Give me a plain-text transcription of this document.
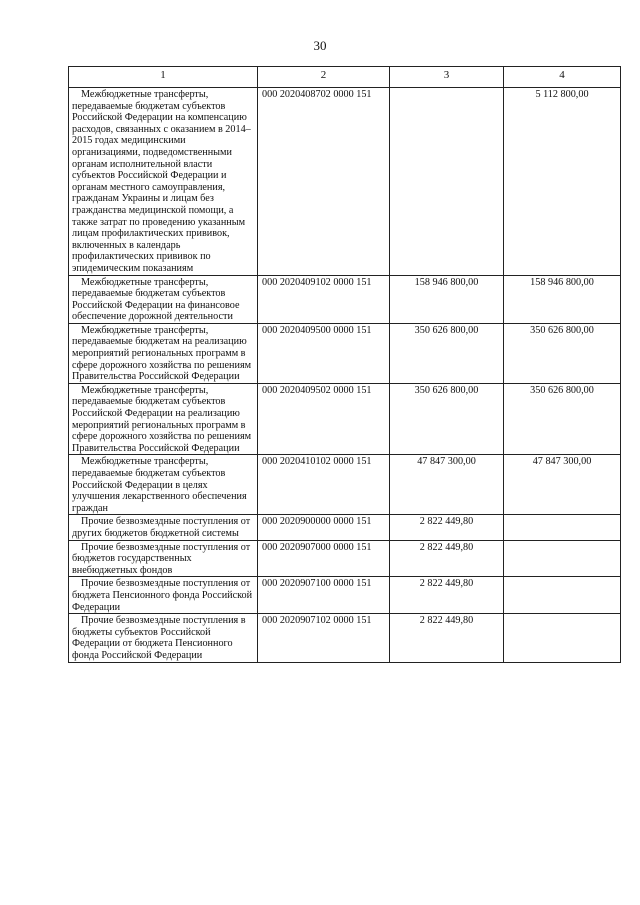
30
1	2	3	4
Межбюджетные трансферты, передаваемые бюджетам субъектов Российской Федерации на компенсацию расходов, связанных с оказанием в 2014–2015 годах медицинскими организациями, подведомственными органам исполнительной власти субъектов Российской Федерации и органам местного самоуправления, гражданам Украины и лицам без гражданства медицинской помощи, а также затрат по проведению указанным лицам профилактических прививок, включенных в календарь профилактических прививок по эпидемическим показаниям	000 2020408702 0000 151		5 112 800,00
Межбюджетные трансферты, передаваемые бюджетам субъектов Российской Федерации на финансовое обеспечение дорожной деятельности	000 2020409102 0000 151	158 946 800,00	158 946 800,00
Межбюджетные трансферты, передаваемые бюджетам на реализацию мероприятий региональных программ в сфере дорожного хозяйства по решениям Правительства Российской Федерации	000 2020409500 0000 151	350 626 800,00	350 626 800,00
Межбюджетные трансферты, передаваемые бюджетам субъектов Российской Федерации на реализацию мероприятий региональных программ в сфере дорожного хозяйства по решениям Правительства Российской Федерации	000 2020409502 0000 151	350 626 800,00	350 626 800,00
Межбюджетные трансферты, передаваемые бюджетам субъектов Российской Федерации в целях улучшения лекарственного обеспечения граждан	000 2020410102 0000 151	47 847 300,00	47 847 300,00
Прочие безвозмездные поступления от других бюджетов бюджетной системы	000 2020900000 0000 151	2 822 449,80	
Прочие безвозмездные поступления от бюджетов государственных внебюджетных фондов	000 2020907000 0000 151	2 822 449,80	
Прочие безвозмездные поступления от бюджета Пенсионного фонда Российской Федерации	000 2020907100 0000 151	2 822 449,80	
Прочие безвозмездные поступления в бюджеты субъектов Российской Федерации от бюджета Пенсионного фонда Российской Федерации	000 2020907102 0000 151	2 822 449,80	
